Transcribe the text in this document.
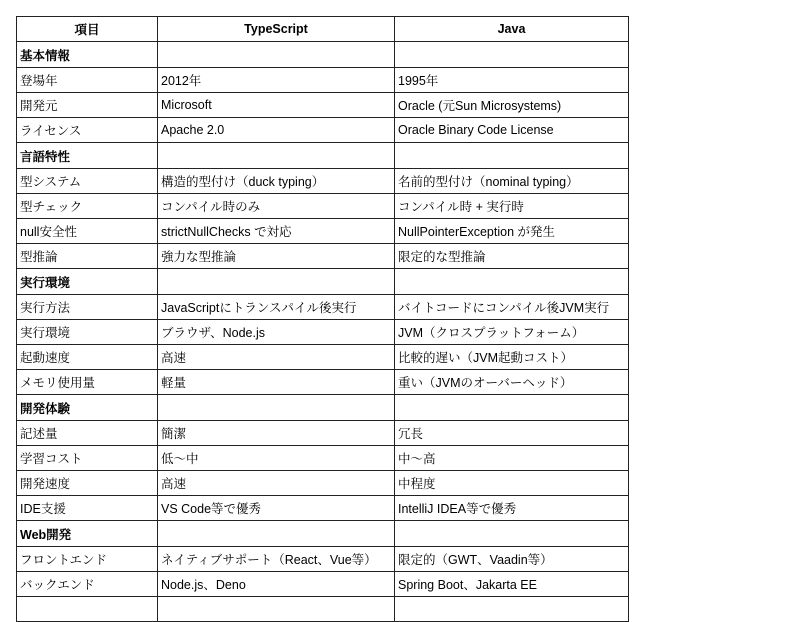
項目	TypeScript	Java
基本情報		
登場年	2012年	1995年
開発元	Microsoft	Oracle (元Sun Microsystems)
ライセンス	Apache 2.0	Oracle Binary Code License
言語特性		
型システム	構造的型付け（duck typing）	名前的型付け（nominal typing）
型チェック	コンパイル時のみ	コンパイル時 + 実行時
null安全性	strictNullChecks で対応	NullPointerException が発生
型推論	強力な型推論	限定的な型推論
実行環境		
実行方法	JavaScriptにトランスパイル後実行	バイトコードにコンパイル後JVM実行
実行環境	ブラウザ、Node.js	JVM（クロスプラットフォーム）
起動速度	高速	比較的遅い（JVM起動コスト）
メモリ使用量	軽量	重い（JVMのオーバーヘッド）
開発体験		
記述量	簡潔	冗長
学習コスト	低～中	中～高
開発速度	高速	中程度
IDE支援	VS Code等で優秀	IntelliJ IDEA等で優秀
Web開発		
フロントエンド	ネイティブサポート（React、Vue等）	限定的（GWT、Vaadin等）
バックエンド	Node.js、Deno	Spring Boot、Jakarta EE
